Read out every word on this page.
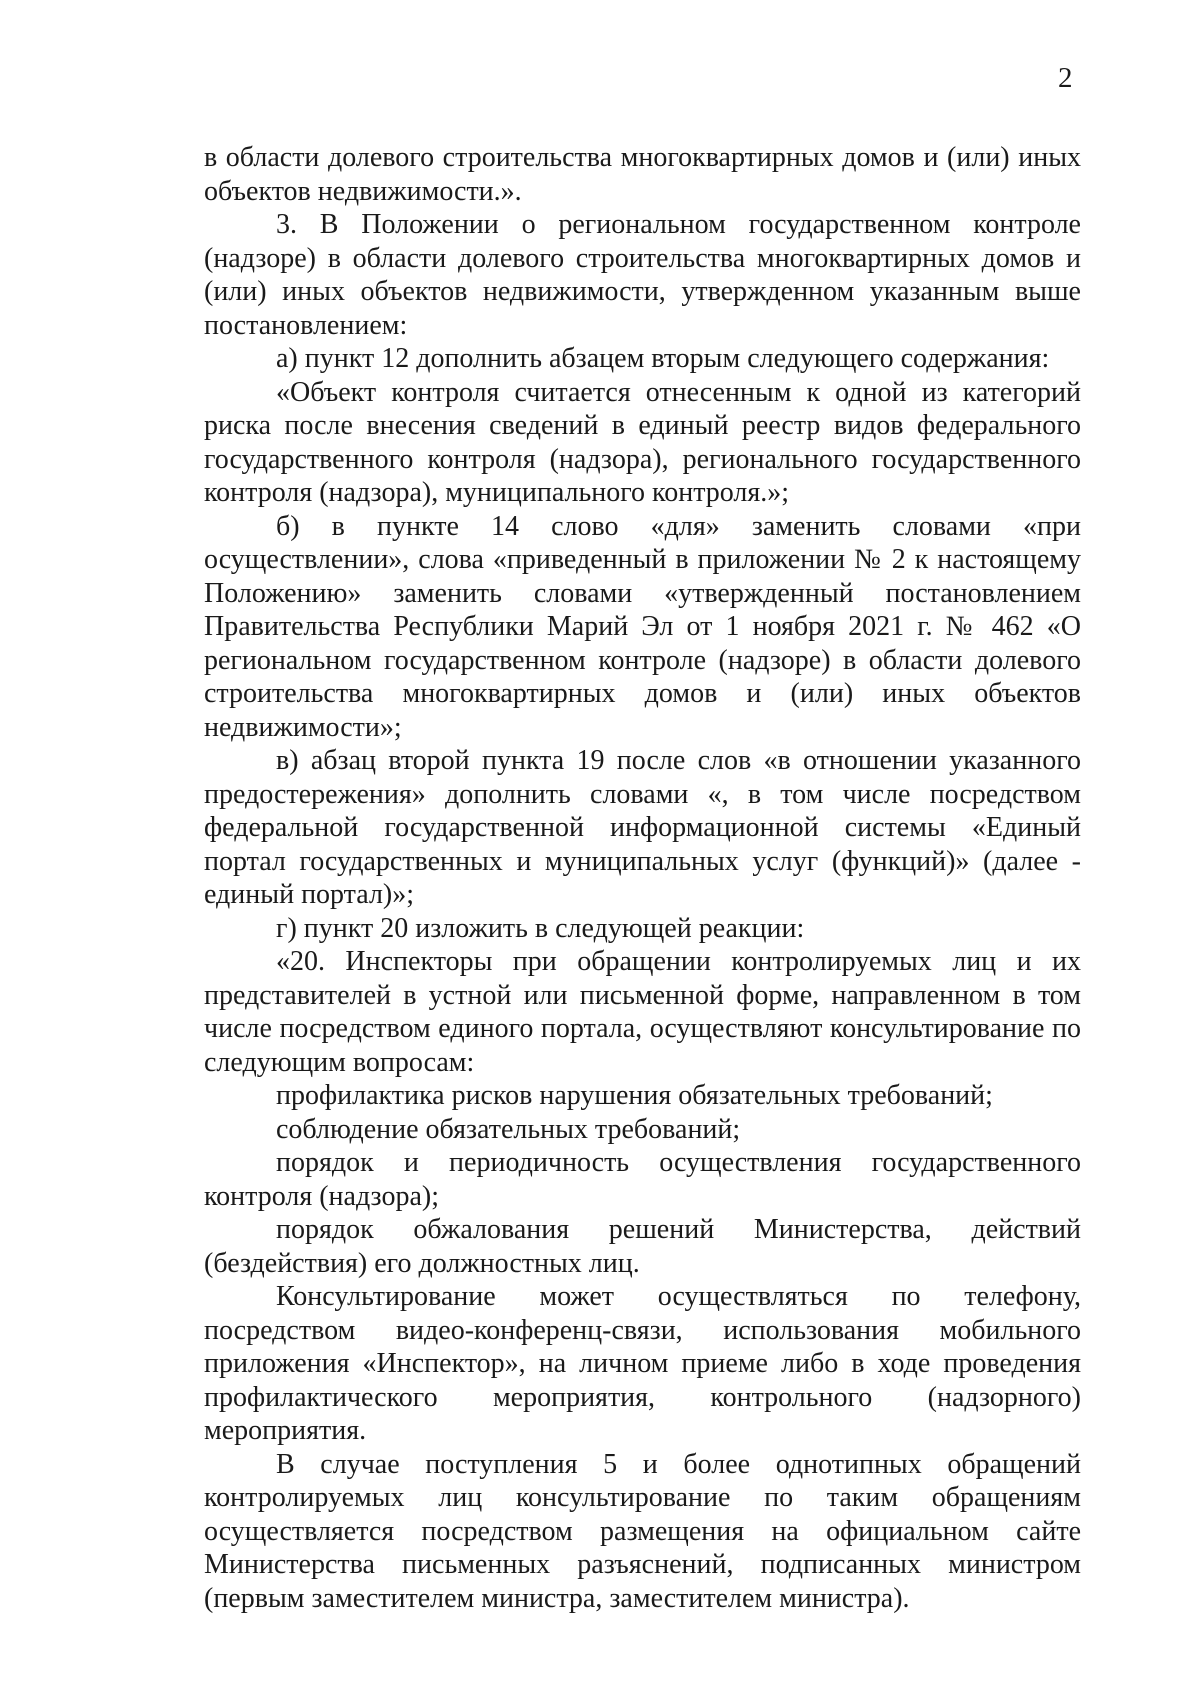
2

в области долевого строительства многоквартирных домов и (или) иных объектов недвижимости.».

3. В Положении о региональном государственном контроле (надзоре) в области долевого строительства многоквартирных домов и (или) иных объектов недвижимости, утвержденном указанным выше постановлением:

а) пункт 12 дополнить абзацем вторым следующего содержания:

«Объект контроля считается отнесенным к одной из категорий риска после внесения сведений в единый реестр видов федерального государственного контроля (надзора), регионального государственного контроля (надзора), муниципального контроля.»;

б) в пункте 14 слово «для» заменить словами «при осуществлении», слова «приведенный в приложении № 2 к настоящему Положению» заменить словами «утвержденный постановлением Правительства Республики Марий Эл от 1 ноября 2021 г. № 462 «О региональном государственном контроле (надзоре) в области долевого строительства многоквартирных домов и (или) иных объектов недвижимости»;

в) абзац второй пункта 19 после слов «в отношении указанного предостережения» дополнить словами «, в том числе посредством федеральной государственной информационной системы «Единый портал государственных и муниципальных услуг (функций)» (далее - единый портал)»;

г) пункт 20 изложить в следующей реакции:

«20. Инспекторы при обращении контролируемых лиц и их представителей в устной или письменной форме, направленном в том числе посредством единого портала, осуществляют консультирование по следующим вопросам:

профилактика рисков нарушения обязательных требований;

соблюдение обязательных требований;

порядок и периодичность осуществления государственного контроля (надзора);

порядок обжалования решений Министерства, действий (бездействия) его должностных лиц.

Консультирование может осуществляться по телефону, посредством видео-конференц-связи, использования мобильного приложения «Инспектор», на личном приеме либо в ходе проведения профилактического мероприятия, контрольного (надзорного) мероприятия.

В случае поступления 5 и более однотипных обращений контролируемых лиц консультирование по таким обращениям осуществляется посредством размещения на официальном сайте Министерства письменных разъяснений, подписанных министром (первым заместителем министра, заместителем министра).
